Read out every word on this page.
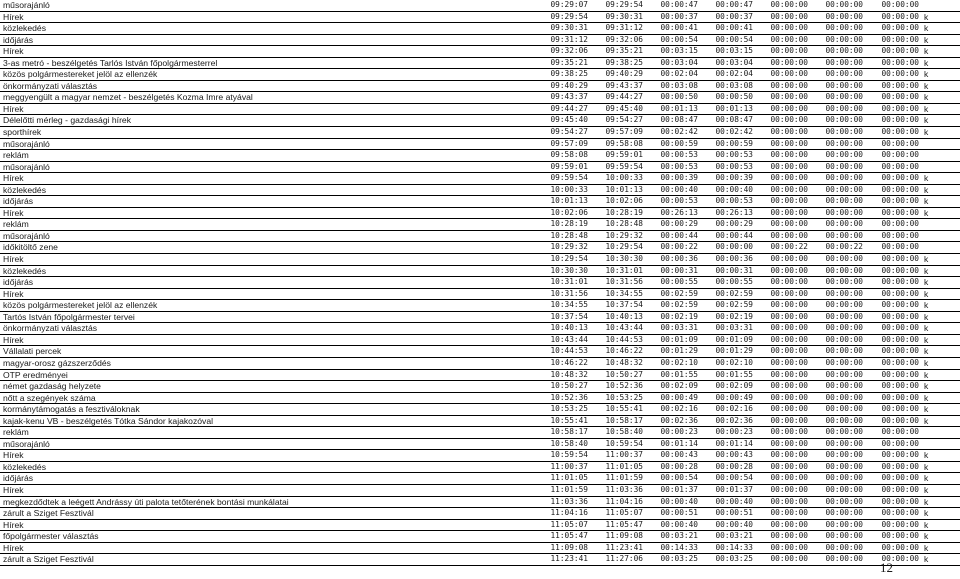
műsorajánló	09:29:07	09:29:54	00:00:47	00:00:47	00:00:00	00:00:00	00:00:00	
Hírek	09:29:54	09:30:31	00:00:37	00:00:37	00:00:00	00:00:00	00:00:00	k
közlekedés	09:30:31	09:31:12	00:00:41	00:00:41	00:00:00	00:00:00	00:00:00	k
időjárás	09:31:12	09:32:06	00:00:54	00:00:54	00:00:00	00:00:00	00:00:00	k
Hírek	09:32:06	09:35:21	00:03:15	00:03:15	00:00:00	00:00:00	00:00:00	k
3-as metró - beszélgetés Tarlós István főpolgármesterrel	09:35:21	09:38:25	00:03:04	00:03:04	00:00:00	00:00:00	00:00:00	k
közös polgármestereket jelöl az ellenzék	09:38:25	09:40:29	00:02:04	00:02:04	00:00:00	00:00:00	00:00:00	k
önkormányzati választás	09:40:29	09:43:37	00:03:08	00:03:08	00:00:00	00:00:00	00:00:00	k
meggyengült a magyar nemzet - beszélgetés Kozma Imre atyával	09:43:37	09:44:27	00:00:50	00:00:50	00:00:00	00:00:00	00:00:00	k
Hírek	09:44:27	09:45:40	00:01:13	00:01:13	00:00:00	00:00:00	00:00:00	k
Délelőtti mérleg - gazdasági hírek	09:45:40	09:54:27	00:08:47	00:08:47	00:00:00	00:00:00	00:00:00	k
sporthírek	09:54:27	09:57:09	00:02:42	00:02:42	00:00:00	00:00:00	00:00:00	k
műsorajánló	09:57:09	09:58:08	00:00:59	00:00:59	00:00:00	00:00:00	00:00:00	
reklám	09:58:08	09:59:01	00:00:53	00:00:53	00:00:00	00:00:00	00:00:00	
műsorajánló	09:59:01	09:59:54	00:00:53	00:00:53	00:00:00	00:00:00	00:00:00	
Hírek	09:59:54	10:00:33	00:00:39	00:00:39	00:00:00	00:00:00	00:00:00	k
közlekedés	10:00:33	10:01:13	00:00:40	00:00:40	00:00:00	00:00:00	00:00:00	k
időjárás	10:01:13	10:02:06	00:00:53	00:00:53	00:00:00	00:00:00	00:00:00	k
Hírek	10:02:06	10:28:19	00:26:13	00:26:13	00:00:00	00:00:00	00:00:00	k
reklám	10:28:19	10:28:48	00:00:29	00:00:29	00:00:00	00:00:00	00:00:00	
műsorajánló	10:28:48	10:29:32	00:00:44	00:00:44	00:00:00	00:00:00	00:00:00	
időkitöltő zene	10:29:32	10:29:54	00:00:22	00:00:00	00:00:22	00:00:22	00:00:00	
Hírek	10:29:54	10:30:30	00:00:36	00:00:36	00:00:00	00:00:00	00:00:00	k
közlekedés	10:30:30	10:31:01	00:00:31	00:00:31	00:00:00	00:00:00	00:00:00	k
időjárás	10:31:01	10:31:56	00:00:55	00:00:55	00:00:00	00:00:00	00:00:00	k
Hírek	10:31:56	10:34:55	00:02:59	00:02:59	00:00:00	00:00:00	00:00:00	k
közös polgármestereket jelöl az ellenzék	10:34:55	10:37:54	00:02:59	00:02:59	00:00:00	00:00:00	00:00:00	k
Tartós István főpolgármester tervei	10:37:54	10:40:13	00:02:19	00:02:19	00:00:00	00:00:00	00:00:00	k
önkormányzati választás	10:40:13	10:43:44	00:03:31	00:03:31	00:00:00	00:00:00	00:00:00	k
Hírek	10:43:44	10:44:53	00:01:09	00:01:09	00:00:00	00:00:00	00:00:00	k
Vállalati percek	10:44:53	10:46:22	00:01:29	00:01:29	00:00:00	00:00:00	00:00:00	k
magyar-orosz gázszerződés	10:46:22	10:48:32	00:02:10	00:02:10	00:00:00	00:00:00	00:00:00	k
OTP eredményei	10:48:32	10:50:27	00:01:55	00:01:55	00:00:00	00:00:00	00:00:00	k
német gazdaság helyzete	10:50:27	10:52:36	00:02:09	00:02:09	00:00:00	00:00:00	00:00:00	k
nőtt a szegények száma	10:52:36	10:53:25	00:00:49	00:00:49	00:00:00	00:00:00	00:00:00	k
kormánytámogatás a fesztiváloknak	10:53:25	10:55:41	00:02:16	00:02:16	00:00:00	00:00:00	00:00:00	k
kajak-kenu VB - beszélgetés Tótka Sándor kajakozóval	10:55:41	10:58:17	00:02:36	00:02:36	00:00:00	00:00:00	00:00:00	k
reklám	10:58:17	10:58:40	00:00:23	00:00:23	00:00:00	00:00:00	00:00:00	
műsorajánló	10:58:40	10:59:54	00:01:14	00:01:14	00:00:00	00:00:00	00:00:00	
Hírek	10:59:54	11:00:37	00:00:43	00:00:43	00:00:00	00:00:00	00:00:00	k
közlekedés	11:00:37	11:01:05	00:00:28	00:00:28	00:00:00	00:00:00	00:00:00	k
időjárás	11:01:05	11:01:59	00:00:54	00:00:54	00:00:00	00:00:00	00:00:00	k
Hírek	11:01:59	11:03:36	00:01:37	00:01:37	00:00:00	00:00:00	00:00:00	k
megkezdődtek a leégett Andrássy úti palota tetőterének bontási munkálatai	11:03:36	11:04:16	00:00:40	00:00:40	00:00:00	00:00:00	00:00:00	k
zárult a Sziget Fesztivál	11:04:16	11:05:07	00:00:51	00:00:51	00:00:00	00:00:00	00:00:00	k
Hírek	11:05:07	11:05:47	00:00:40	00:00:40	00:00:00	00:00:00	00:00:00	k
főpolgármester választás	11:05:47	11:09:08	00:03:21	00:03:21	00:00:00	00:00:00	00:00:00	k
Hírek	11:09:08	11:23:41	00:14:33	00:14:33	00:00:00	00:00:00	00:00:00	k
zárult a Sziget Fesztivál	11:23:41	11:27:06	00:03:25	00:03:25	00:00:00	00:00:00	00:00:00	k
12
